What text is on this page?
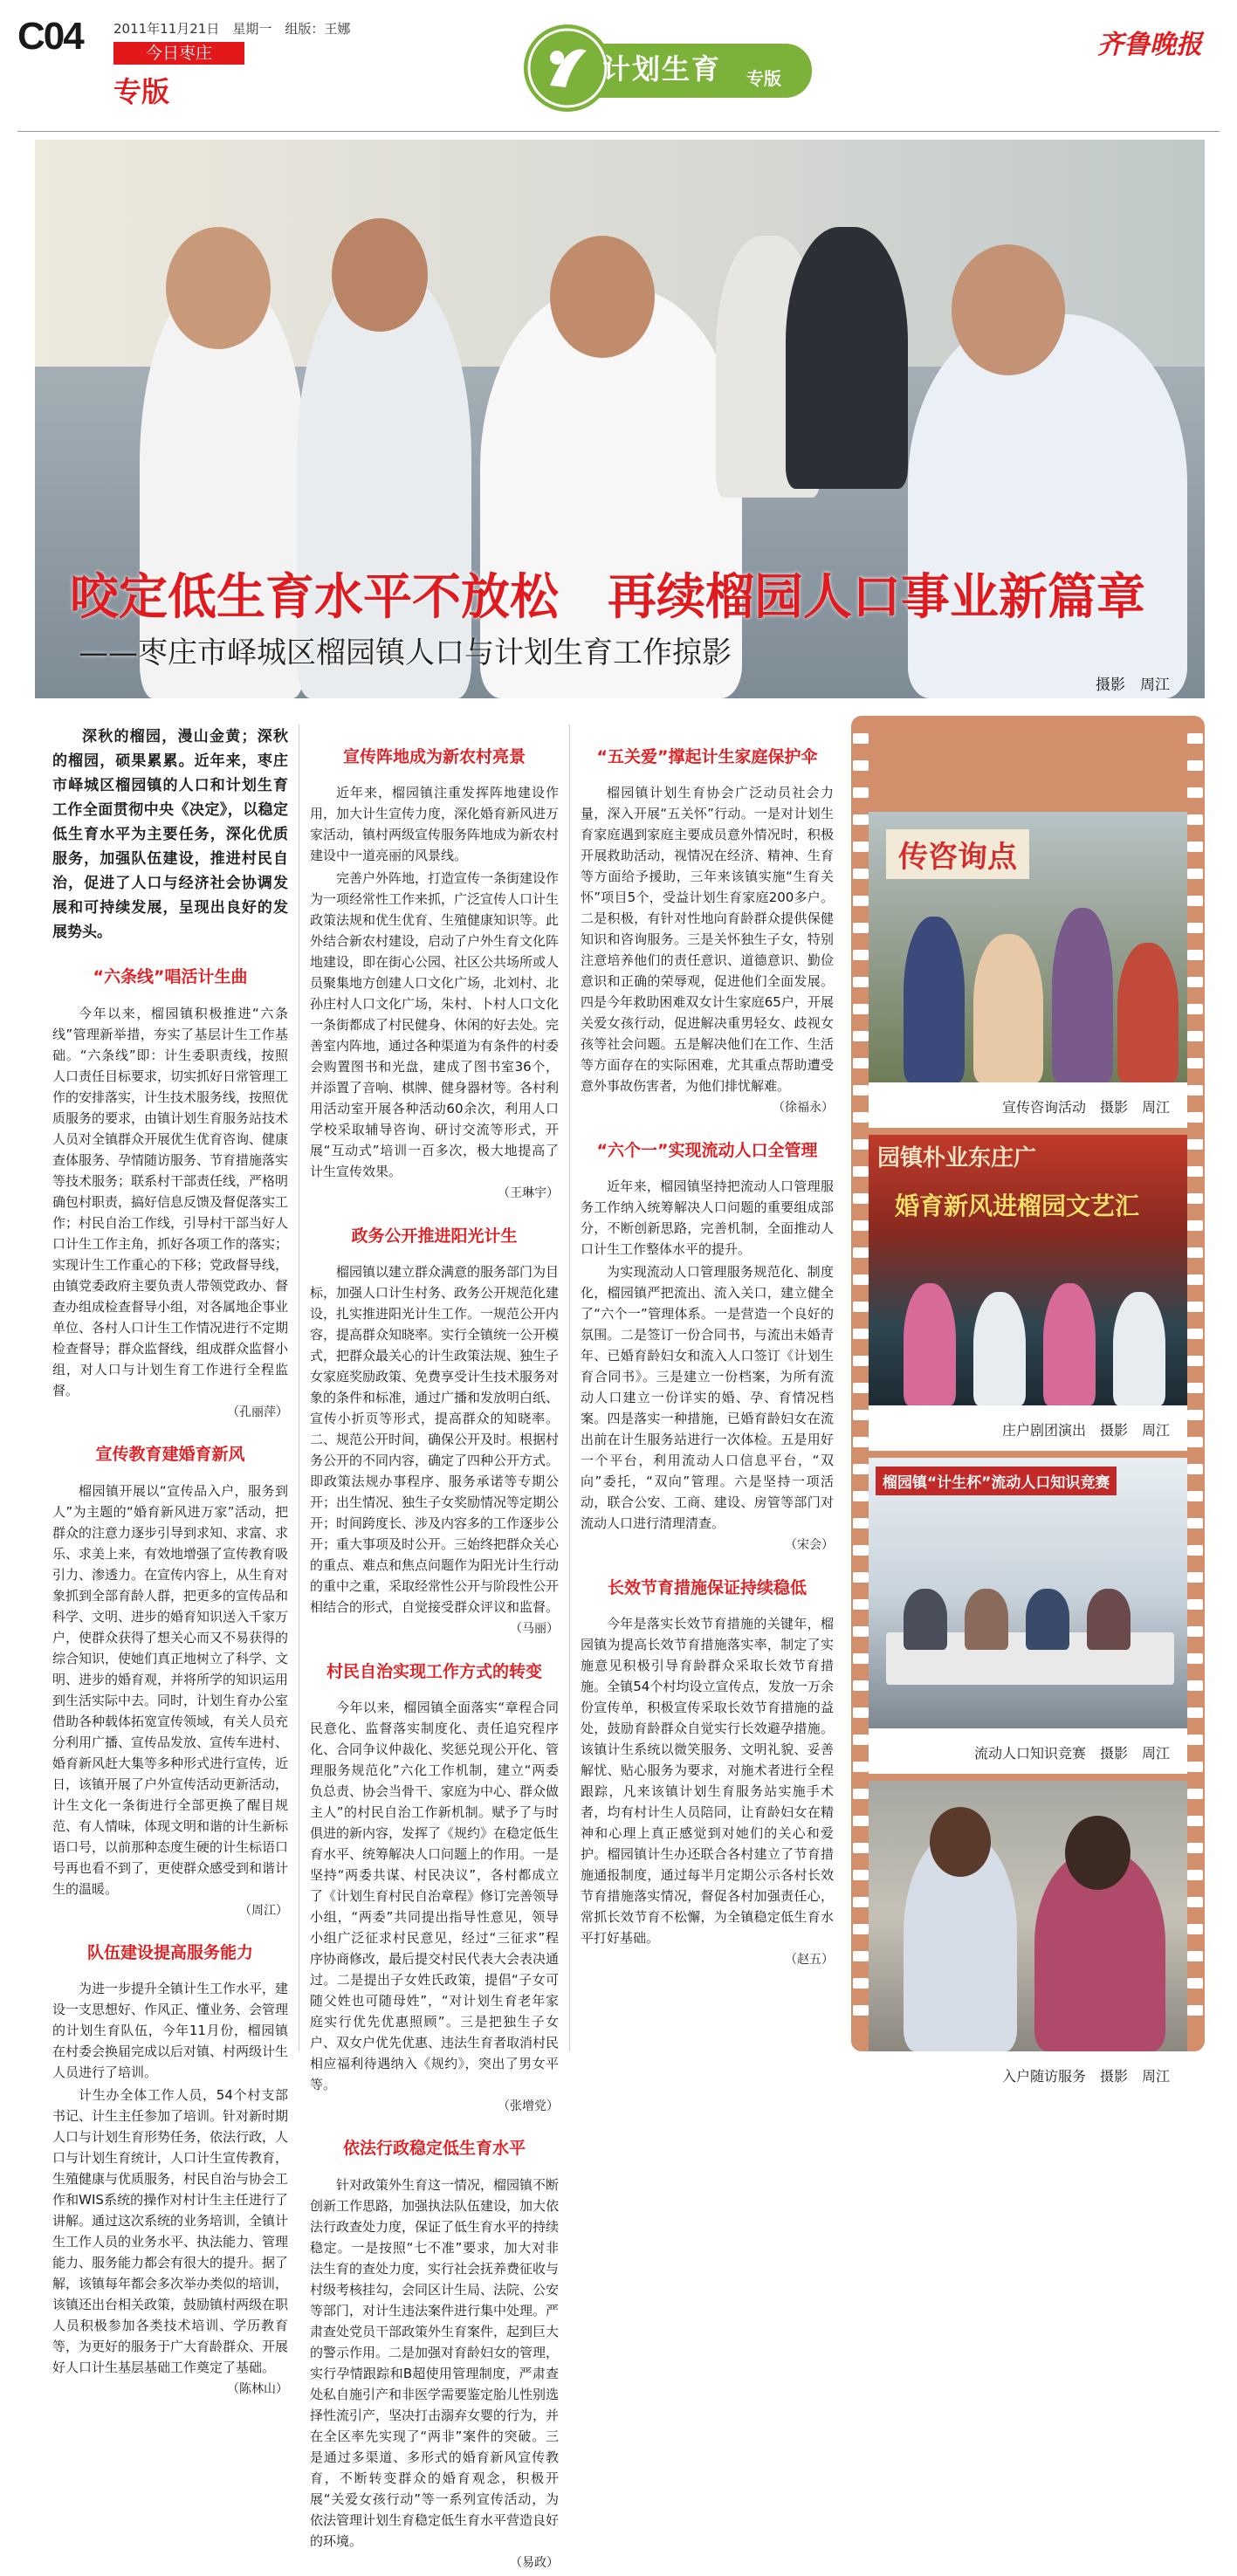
C04 2011年11月21日　星期一　组版：王娜
今日枣庄
专版
计划生育 专版
齐鲁晚报
咬定低生育水平不放松　再续榴园人口事业新篇章
——枣庄市峄城区榴园镇人口与计划生育工作掠影
摄影　周江

深秋的榴园，漫山金黄；深秋的榴园，硕果累累。近年来，枣庄市峄城区榴园镇的人口和计划生育工作全面贯彻中央《决定》，以稳定低生育水平为主要任务，深化优质服务，加强队伍建设，推进村民自治，促进了人口与经济社会协调发展和可持续发展，呈现出良好的发展势头。

“六条线”唱活计生曲

今年以来，榴园镇积极推进“六条线”管理新举措，夯实了基层计生工作基础。“六条线”即：计生委职责线，按照人口责任目标要求，切实抓好日常管理工作的安排落实，计生技术服务线，按照优质服务的要求，由镇计划生育服务站技术人员对全镇群众开展优生优育咨询、健康查体服务、孕情随访服务、节育措施落实等技术服务；联系村干部责任线，严格明确包村职责，搞好信息反馈及督促落实工作；村民自治工作线，引导村干部当好人口计生工作主角，抓好各项工作的落实；实现计生工作重心的下移；党政督导线，由镇党委政府主要负责人带领党政办、督查办组成检查督导小组，对各属地企事业单位、各村人口计生工作情况进行不定期检查督导；群众监督线，组成群众监督小组，对人口与计划生育工作进行全程监督。

（孔丽萍）
宣传教育建婚育新风

榴园镇开展以“宣传品入户，服务到人”为主题的“婚育新风进万家”活动，把群众的注意力逐步引导到求知、求富、求乐、求美上来，有效地增强了宣传教育吸引力、渗透力。在宣传内容上，从生育对象抓到全部育龄人群，把更多的宣传品和科学、文明、进步的婚育知识送入千家万户，使群众获得了想关心而又不易获得的综合知识，使她们真正地树立了科学、文明、进步的婚育观，并将所学的知识运用到生活实际中去。同时，计划生育办公室借助各种载体拓宽宣传领域，有关人员充分利用广播、宣传品发放、宣传车进村、婚育新风赶大集等多种形式进行宣传，近日，该镇开展了户外宣传活动更新活动，计生文化一条街进行全部更换了醒目规范、有人情味，体现文明和谐的计生新标语口号，以前那种态度生硬的计生标语口号再也看不到了，更使群众感受到和谐计生的温暖。

（周江）
队伍建设提高服务能力

为进一步提升全镇计生工作水平，建设一支思想好、作风正、懂业务、会管理的计划生育队伍，今年11月份，榴园镇在村委会换届完成以后对镇、村两级计生人员进行了培训。

计生办全体工作人员，54个村支部书记、计生主任参加了培训。针对新时期人口与计划生育形势任务，依法行政，人口与计划生育统计，人口计生宣传教育，生殖健康与优质服务，村民自治与协会工作和WIS系统的操作对村计生主任进行了讲解。通过这次系统的业务培训，全镇计生工作人员的业务水平、执法能力、管理能力、服务能力都会有很大的提升。据了解，该镇每年都会多次举办类似的培训，该镇还出台相关政策，鼓励镇村两级在职人员积极参加各类技术培训、学历教育等，为更好的服务于广大育龄群众、开展好人口计生基层基础工作奠定了基础。

（陈林山）
宣传阵地成为新农村亮景

近年来，榴园镇注重发挥阵地建设作用，加大计生宣传力度，深化婚育新风进万家活动，镇村两级宣传服务阵地成为新农村建设中一道亮丽的风景线。

完善户外阵地，打造宣传一条街建设作为一项经常性工作来抓，广泛宣传人口计生政策法规和优生优育、生殖健康知识等。此外结合新农村建设，启动了户外生育文化阵地建设，即在街心公园、社区公共场所或人员聚集地方创建人口文化广场，北刘村、北孙庄村人口文化广场，朱村、卜村人口文化一条街都成了村民健身、休闲的好去处。完善室内阵地，通过各种渠道为有条件的村委会购置图书和光盘，建成了图书室36个，并添置了音响、棋牌、健身器材等。各村利用活动室开展各种活动60余次，利用人口学校采取辅导咨询、研讨交流等形式，开展“互动式”培训一百多次，极大地提高了计生宣传效果。

（王琳宇）
政务公开推进阳光计生

榴园镇以建立群众满意的服务部门为目标，加强人口计生村务、政务公开规范化建设，扎实推进阳光计生工作。一规范公开内容，提高群众知晓率。实行全镇统一公开模式，把群众最关心的计生政策法规、独生子女家庭奖励政策、免费享受计生技术服务对象的条件和标准，通过广播和发放明白纸、宣传小折页等形式，提高群众的知晓率。二、规范公开时间，确保公开及时。根据村务公开的不同内容，确定了四种公开方式。即政策法规办事程序、服务承诺等专期公开；出生情况、独生子女奖励情况等定期公开；时间跨度长、涉及内容多的工作逐步公开；重大事项及时公开。三始终把群众关心的重点、难点和焦点问题作为阳光计生行动的重中之重，采取经常性公开与阶段性公开相结合的形式，自觉接受群众评议和监督。

（马丽）
村民自治实现工作方式的转变

今年以来，榴园镇全面落实“章程合同民意化、监督落实制度化、责任追究程序化、合同争议仲裁化、奖惩兑现公开化、管理服务规范化”六化工作机制，建立“两委负总责、协会当骨干、家庭为中心、群众做主人”的村民自治工作新机制。赋予了与时俱进的新内容，发挥了《规约》在稳定低生育水平、统筹解决人口问题上的作用。一是坚持“两委共谋、村民决议”，各村都成立了《计划生育村民自治章程》修订完善领导小组，“两委”共同提出指导性意见，领导小组广泛征求村民意见，经过“三征求”程序协商修改，最后提交村民代表大会表决通过。二是提出子女姓氏政策，提倡“子女可随父姓也可随母姓”，“对计划生育老年家庭实行优先优惠照顾”。三是把独生子女户、双女户优先优惠、违法生育者取消村民相应福利待遇纳入《规约》，突出了男女平等。

（张增党）
依法行政稳定低生育水平

针对政策外生育这一情况，榴园镇不断创新工作思路，加强执法队伍建设，加大依法行政查处力度，保证了低生育水平的持续稳定。一是按照“七不准”要求，加大对非法生育的查处力度，实行社会抚养费征收与村级考核挂勾，会同区计生局、法院、公安等部门，对计生违法案件进行集中处理。严肃查处党员干部政策外生育案件，起到巨大的警示作用。二是加强对育龄妇女的管理，实行孕情跟踪和B超使用管理制度，严肃查处私自施引产和非医学需要鉴定胎儿性别选择性流引产，坚决打击溺弃女婴的行为，并在全区率先实现了“两非”案件的突破。三是通过多渠道、多形式的婚育新风宣传教育，不断转变群众的婚育观念，积极开展“关爱女孩行动”等一系列宣传活动，为依法管理计划生育稳定低生育水平营造良好的环境。

（易政）
“五关爱”撑起计生家庭保护伞

榴园镇计划生育协会广泛动员社会力量，深入开展“五关怀”行动。一是对计划生育家庭遇到家庭主要成员意外情况时，积极开展救助活动，视情况在经济、精神、生育等方面给予援助，三年来该镇实施“生育关怀”项目5个，受益计划生育家庭200多户。二是积极，有针对性地向育龄群众提供保健知识和咨询服务。三是关怀独生子女，特别注意培养他们的责任意识、道德意识、勤俭意识和正确的荣辱观，促进他们全面发展。四是今年救助困难双女计生家庭65户，开展关爱女孩行动，促进解决重男轻女、歧视女孩等社会问题。五是解决他们在工作、生活等方面存在的实际困难，尤其重点帮助遭受意外事故伤害者，为他们排忧解难。

（徐福永）
“六个一”实现流动人口全管理

近年来，榴园镇坚持把流动人口管理服务工作纳入统筹解决人口问题的重要组成部分，不断创新思路，完善机制，全面推动人口计生工作整体水平的提升。

为实现流动人口管理服务规范化、制度化，榴园镇严把流出、流入关口，建立健全了“六个一”管理体系。一是营造一个良好的氛围。二是签订一份合同书，与流出未婚青年、已婚育龄妇女和流入人口签订《计划生育合同书》。三是建立一份档案，为所有流动人口建立一份详实的婚、孕、育情况档案。四是落实一种措施，已婚育龄妇女在流出前在计生服务站进行一次体检。五是用好一个平台，利用流动人口信息平台，“双向”委托，“双向”管理。六是坚持一项活动，联合公安、工商、建设、房管等部门对流动人口进行清理清查。

（宋会）
长效节育措施保证持续稳低

今年是落实长效节育措施的关键年，榴园镇为提高长效节育措施落实率，制定了实施意见积极引导育龄群众采取长效节育措施。全镇54个村均设立宣传点，发放一万余份宣传单，积极宣传采取长效节育措施的益处，鼓励育龄群众自觉实行长效避孕措施。该镇计生系统以微笑服务、文明礼貌、妥善解忧、贴心服务为要求，对施术者进行全程跟踪，凡来该镇计划生育服务站实施手术者，均有村计生人员陪同，让育龄妇女在精神和心理上真正感觉到对她们的关心和爱护。榴园镇计生办还联合各村建立了节育措施通报制度，通过每半月定期公示各村长效节育措施落实情况，督促各村加强责任心，常抓长效节育不松懈，为全镇稳定低生育水平打好基础。

（赵五）
传咨询点
宣传咨询活动　摄影　周江
园镇朴业东庄广
婚育新风进榴园文艺汇
庄户剧团演出　摄影　周江
榴园镇“计生杯”流动人口知识竞赛
流动人口知识竞赛　摄影　周江
入户随访服务　摄影　周江
